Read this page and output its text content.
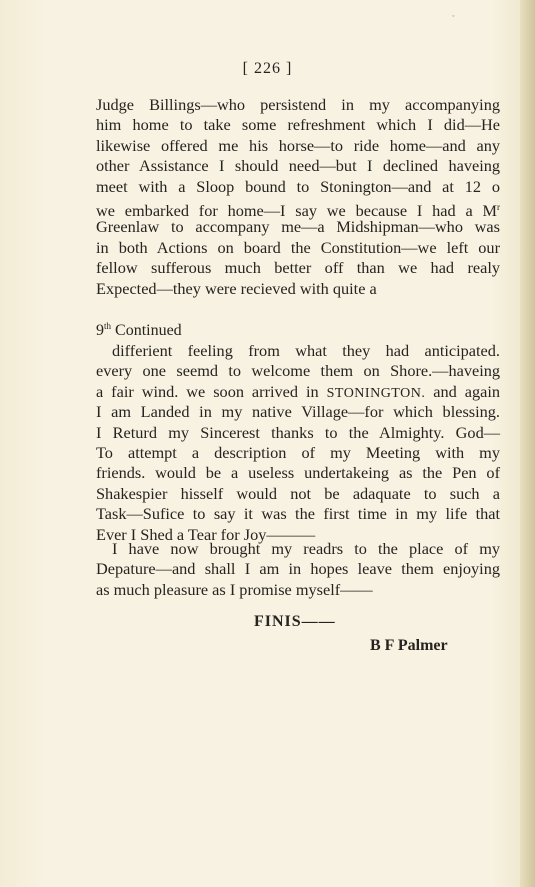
ˇ
[ 226 ]
Judge Billings—who persistend in my accompanying
him home to take some refreshment which I did—He
likewise offered me his horse—to ride home—and any
other Assistance I should need—but I declined haveing
meet with a Sloop bound to Stonington—and at 12 o
we embarked for home—I say we because I had a $M^r$
Greenlaw to accompany me—a Midshipman—who was
in both Actions on board the Constitution—we left our
fellow sufferous much better off than we had realy
Expected—they were recieved with quite a
9th Continued
differient feeling from what they had anticipated.
every one seemd to welcome them on Shore.—haveing
a fair wind. we soon arrived in STONINGTON. and again
I am Landed in my native Village—for which blessing.
I Returd my Sincerest thanks to the Almighty. God—
To attempt a description of my Meeting with my
friends. would be a useless undertakeing as the Pen of
Shakespier hisself would not be adaquate to such a
Task—Sufice to say it was the first time in my life that
Ever I Shed a Tear for Joy———
I have now brought my readrs to the place of my
Depature—and shall I am in hopes leave them enjoying
as much pleasure as I promise myself——
FINIS——
B F Palmer
